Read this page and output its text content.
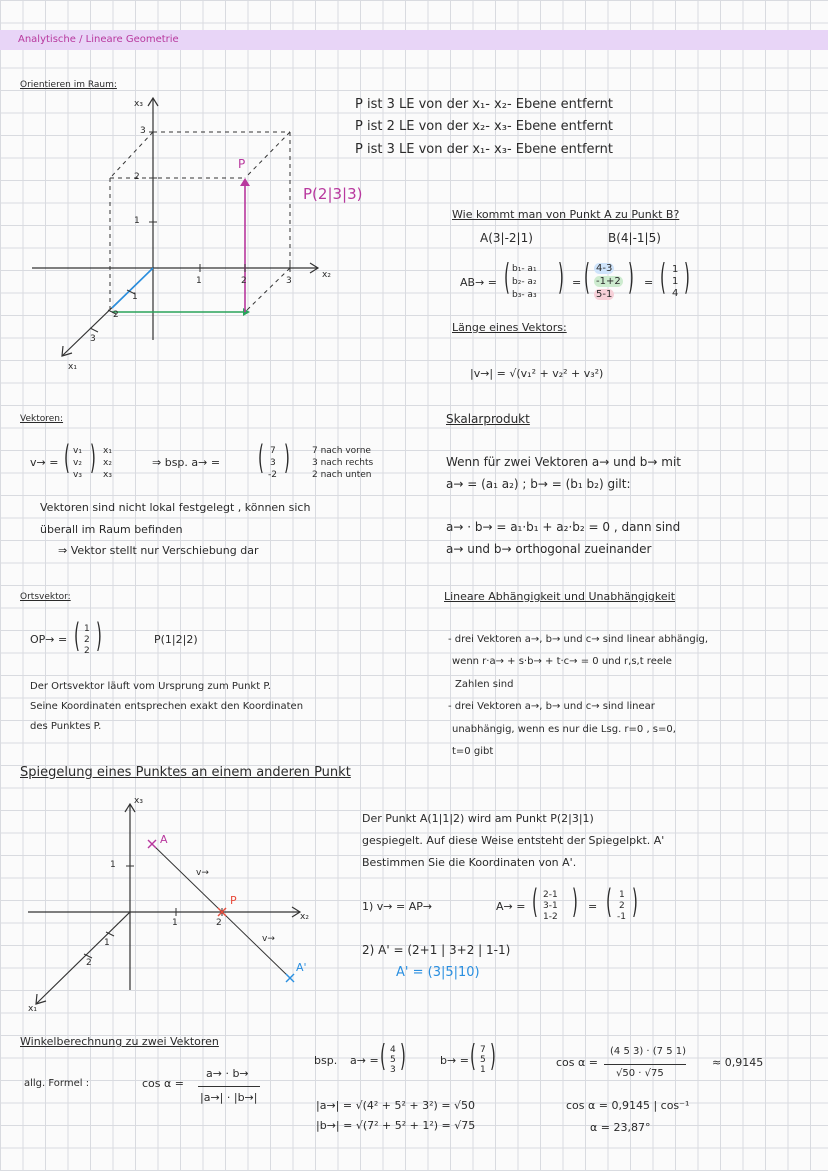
Analytische / Lineare Geometrie
Orientieren im Raum:
x₃
x₂
x₁
3
2
1
1	2	3
1
2
3
P
P(2|3|3)
P ist 3 LE von der x₁- x₂- Ebene entfernt
P ist 2 LE von der x₂- x₃- Ebene entfernt
P ist 3 LE von der x₁- x₃- Ebene entfernt
Wie kommt man von Punkt A zu Punkt B?
A(3|-2|1)	B(4|-1|5)
AB→ = ( b₁- a₁
b₂- a₂
b₃- a₃ ) = ( 4-3
-1+2
5-1 ) = ( 1
1
4 )
Länge eines Vektors:
|v→| = √(v₁² + v₂² + v₃²)
Vektoren:
v→ = ( v₁
v₂
v₃ ) x₁
x₂
x₃
⇒ bsp. a→ =	( 7
3
-2 ) 7 nach vorne
3 nach rechts
2 nach unten
Vektoren sind nicht lokal festgelegt , können sich
überall im Raum befinden
⇒ Vektor stellt nur Verschiebung dar
Skalarprodukt
Wenn für zwei Vektoren a→ und b→ mit
a→ = (a₁ a₂) ; b→ = (b₁ b₂) gilt:
a→ · b→ = a₁·b₁ + a₂·b₂ = 0 , dann sind
a→ und b→ orthogonal zueinander
Ortsvektor:
OP→ = ( 1
2
2 )	P(1|2|2)
Der Ortsvektor läuft vom Ursprung zum Punkt P.
Seine Koordinaten entsprechen exakt den Koordinaten
des Punktes P.
Lineare Abhängigkeit und Unabhängigkeit
- drei Vektoren a→, b→ und c→ sind linear abhängig,
wenn r·a→ + s·b→ + t·c→ = 0 und r,s,t reele
Zahlen sind
- drei Vektoren a→, b→ und c→ sind linear
unabhängig, wenn es nur die Lsg. r=0 , s=0,
t=0 gibt
Spiegelung eines Punktes an einem anderen Punkt
x₃
x₂
x₁
A
P
A'
v→
v→
1
1	2
1
2
Der Punkt A(1|1|2) wird am Punkt P(2|3|1)
gespiegelt. Auf diese Weise entsteht der Spiegelpkt. A'
Bestimmen Sie die Koordinaten von A'.
1) v→ = AP→	A→ = ( 2-1
3-1
1-2 ) = ( 1
2
-1 )
2) A' = (2+1 | 3+2 | 1-1)
A' = (3|5|10)
Winkelberechnung zu zwei Vektoren
allg. Formel :	cos α =
a→ · b→
|a→| · |b→|
bsp. a→ = ( 4
5
3 )	b→ = ( 7
5
1 )	cos α =
(4 5 3) · (7 5 1)
√50 · √75
≈ 0,9145
|a→| = √(4² + 5² + 3²) = √50
|b→| = √(7² + 5² + 1²) = √75
cos α = 0,9145 | cos⁻¹
α = 23,87°
